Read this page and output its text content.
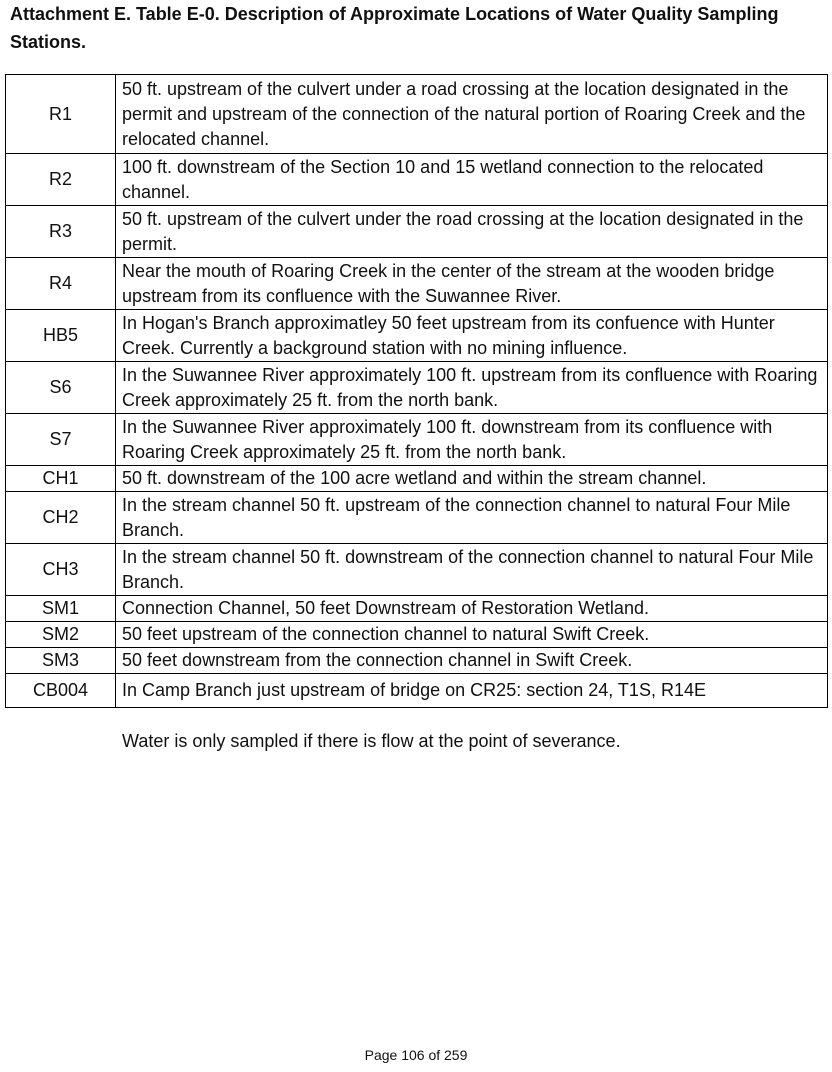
Attachment E. Table E-0. Description of Approximate Locations of Water Quality Sampling Stations.
R1	50 ft. upstream of the culvert under a road crossing at the location designated in the permit and upstream of the connection of the natural portion of Roaring Creek and the relocated channel.
R2	100 ft. downstream of the Section 10 and 15 wetland connection to the relocated channel.
R3	50 ft. upstream of the culvert under the road crossing at the location designated in the permit.
R4	Near the mouth of Roaring Creek in the center of the stream at the wooden bridge upstream from its confluence with the Suwannee River.
HB5	In Hogan's Branch approximatley 50 feet upstream from its confuence with Hunter Creek. Currently a background station with no mining influence.
S6	In the Suwannee River approximately 100 ft. upstream from its confluence with Roaring Creek approximately 25 ft. from the north bank.
S7	In the Suwannee River approximately 100 ft. downstream from its confluence with Roaring Creek approximately 25 ft. from the north bank.
CH1	50 ft. downstream of the 100 acre wetland and within the stream channel.
CH2	In the stream channel 50 ft. upstream of the connection channel to natural Four Mile Branch.
CH3	In the stream channel 50 ft. downstream of the connection channel to natural Four Mile Branch.
SM1	Connection Channel, 50 feet Downstream of Restoration Wetland.
SM2	50 feet upstream of the connection channel to natural Swift Creek.
SM3	50 feet downstream from the connection channel in Swift Creek.
CB004	In Camp Branch just upstream of bridge on CR25: section 24, T1S, R14E
Water is only sampled if there is flow at the point of severance.
Page 106 of 259
